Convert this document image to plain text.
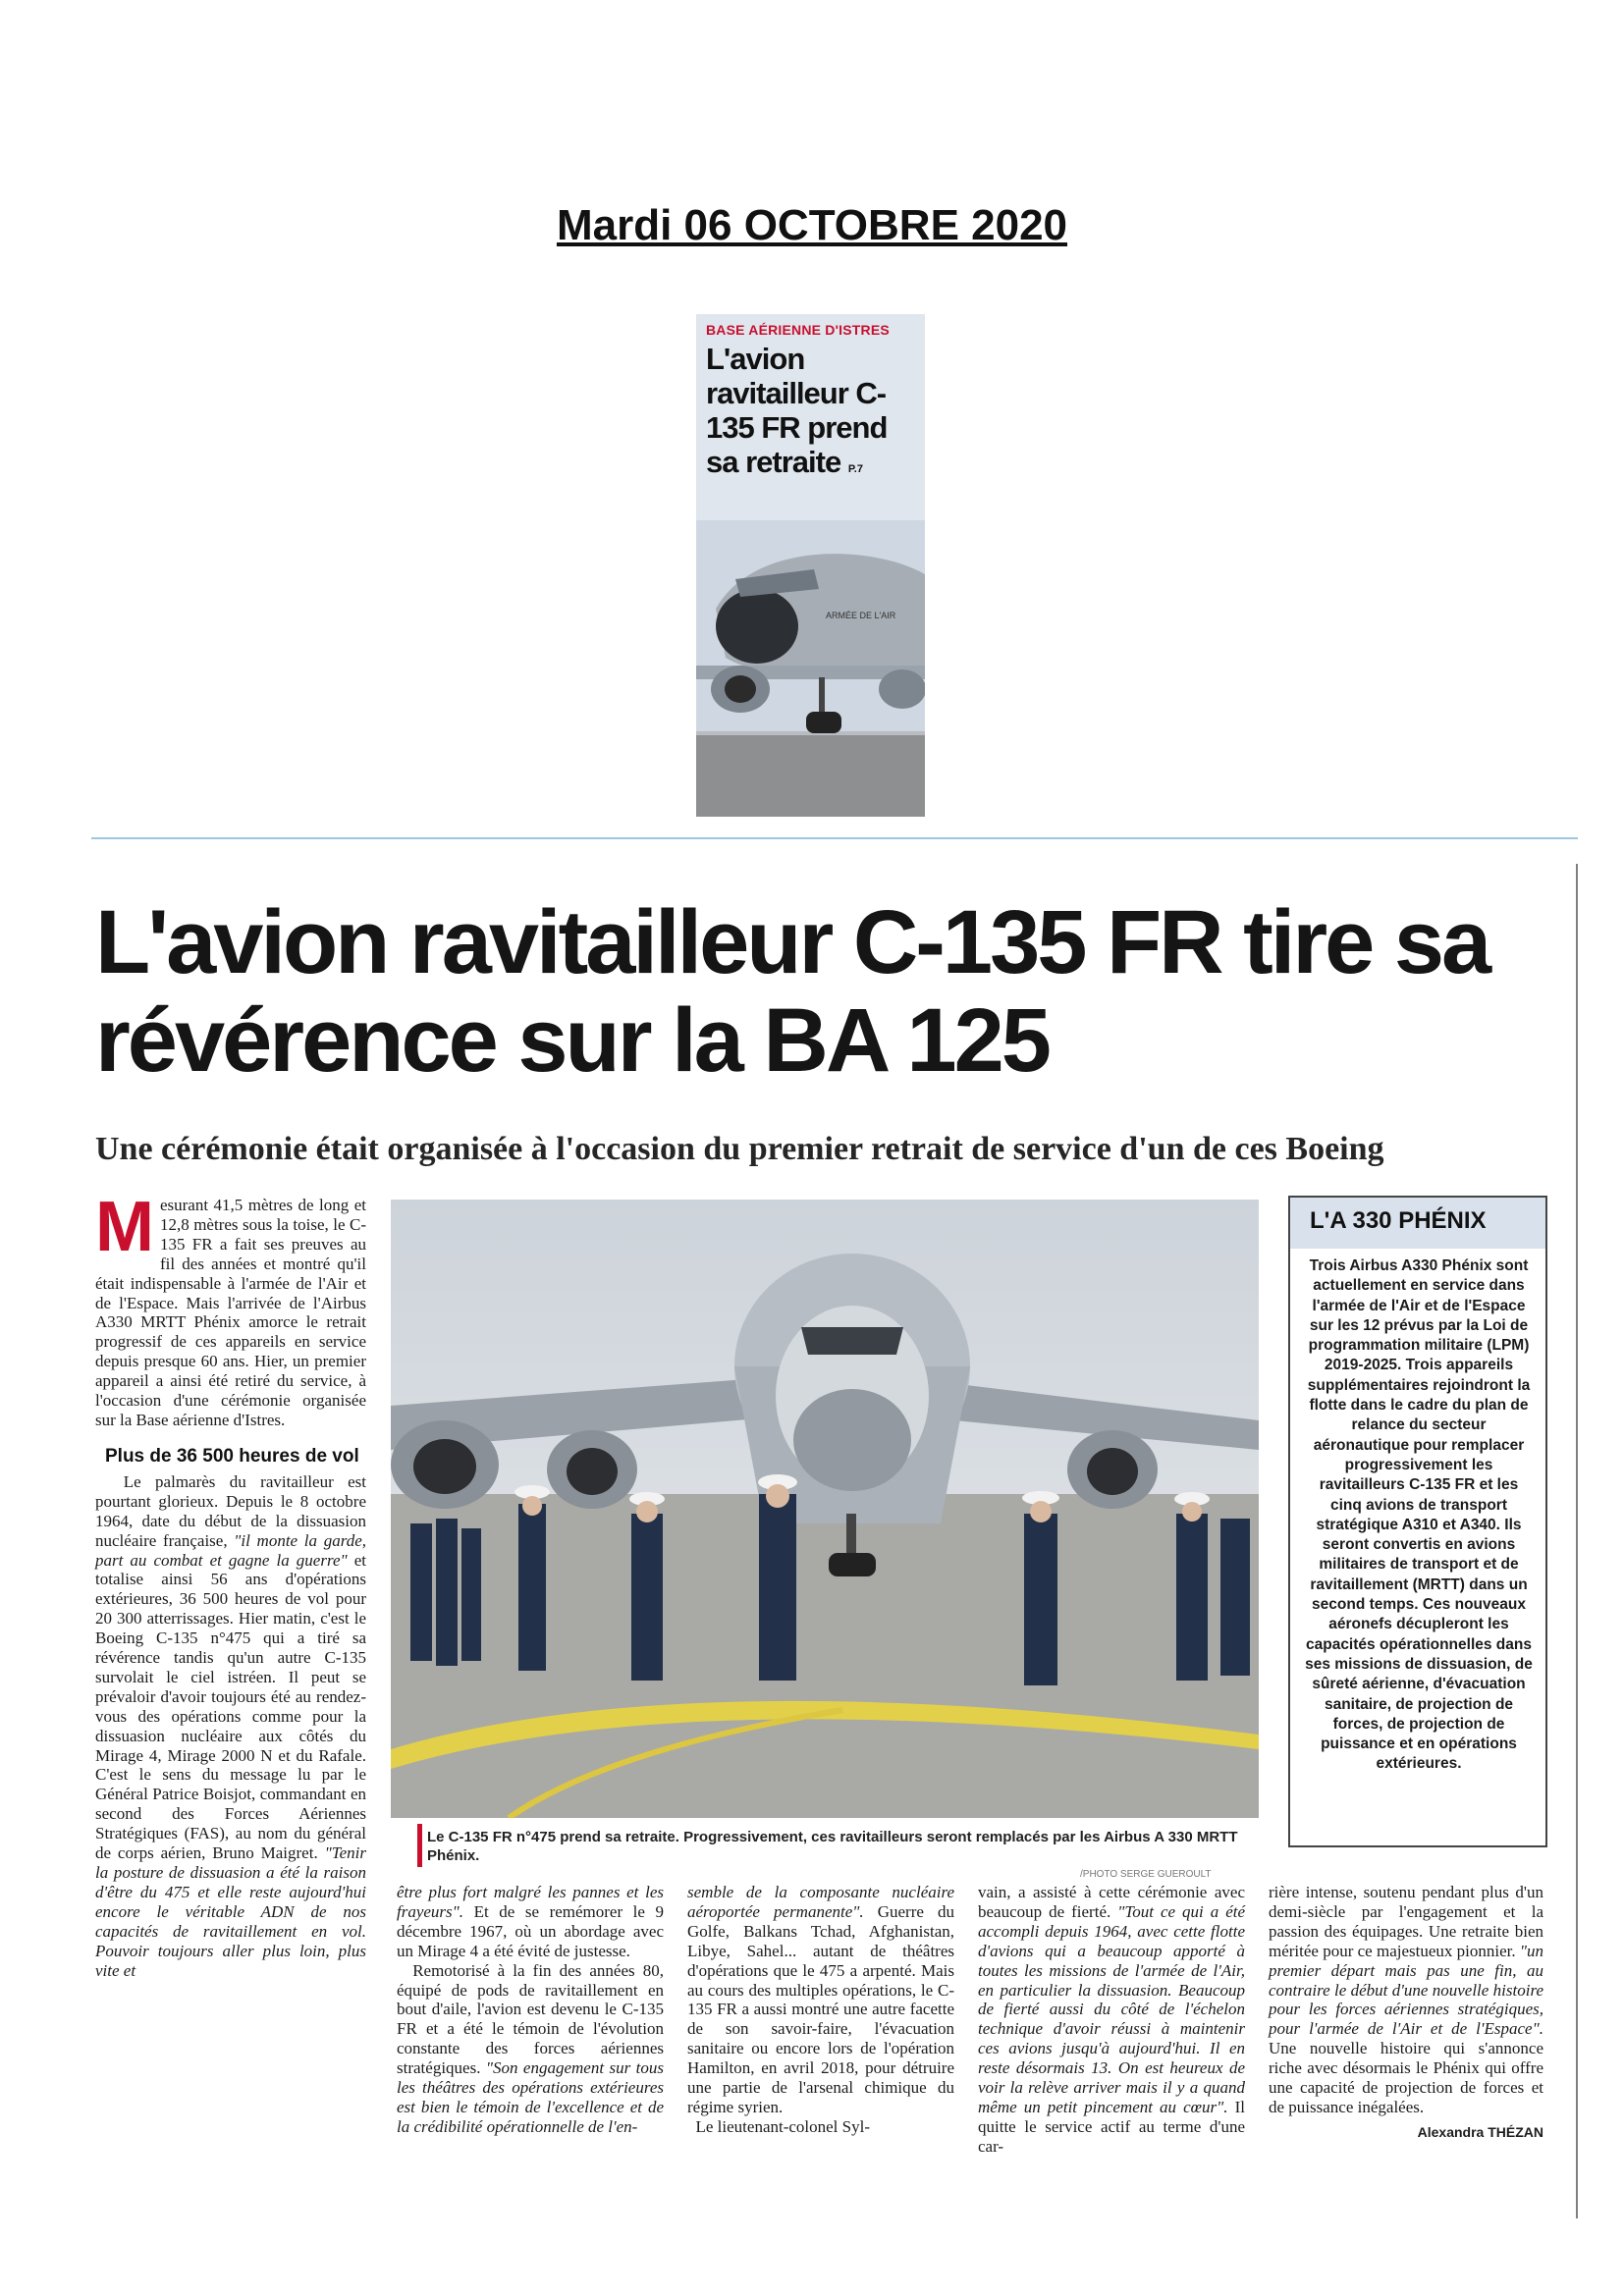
Mardi 06 OCTOBRE 2020
BASE AÉRIENNE D'ISTRES
L'avion ravitailleur C-135 FR prend sa retraite P.7
ARMÉE DE L'AIR
L'avion ravitailleur C-135 FR tire sa révérence sur la BA 125
Une cérémonie était organisée à l'occasion du premier retrait de service d'un de ces Boeing

Mesurant 41,5 mètres de long et 12,8 mètres sous la toise, le C-135 FR a fait ses preuves au fil des années et montré qu'il était indispensable à l'armée de l'Air et de l'Espace. Mais l'arrivée de l'Airbus A330 MRTT Phénix amorce le retrait progressif de ces appareils en service depuis presque 60 ans. Hier, un premier appareil a ainsi été retiré du service, à l'occasion d'une cérémonie organisée sur la Base aérienne d'Istres.

Plus de 36 500 heures de vol

Le palmarès du ravitailleur est pourtant glorieux. Depuis le 8 octobre 1964, date du début de la dissuasion nucléaire française, "il monte la garde, part au combat et gagne la guerre" et totalise ainsi 56 ans d'opérations extérieures, 36 500 heures de vol pour 20 300 atterrissages. Hier matin, c'est le Boeing C-135 n°475 qui a tiré sa révérence tandis qu'un autre C-135 survolait le ciel istréen. Il peut se prévaloir d'avoir toujours été au rendez-vous des opérations comme pour la dissuasion nucléaire aux côtés du Mirage 4, Mirage 2000 N et du Rafale. C'est le sens du message lu par le Général Patrice Boisjot, commandant en second des Forces Aériennes Stratégiques (FAS), au nom du général de corps aérien, Bruno Maigret. "Tenir la posture de dissuasion a été la raison d'être du 475 et elle reste aujourd'hui encore le véritable ADN de nos capacités de ravitaillement en vol. Pouvoir toujours aller plus loin, plus vite et

Le C-135 FR n°475 prend sa retraite. Progressivement, ces ravitailleurs seront remplacés par les Airbus A 330 MRTT Phénix.
/PHOTO SERGE GUEROULT
L'A 330 PHÉNIX
Trois Airbus A330 Phénix sont actuellement en service dans l'armée de l'Air et de l'Espace sur les 12 prévus par la Loi de programmation militaire (LPM) 2019-2025. Trois appareils supplémentaires rejoindront la flotte dans le cadre du plan de relance du secteur aéronautique pour remplacer progressivement les ravitailleurs C-135 FR et les cinq avions de transport stratégique A310 et A340. Ils seront convertis en avions militaires de transport et de ravitaillement (MRTT) dans un second temps. Ces nouveaux aéronefs décupleront les capacités opérationnelles dans ses missions de dissuasion, de sûreté aérienne, d'évacuation sanitaire, de projection de forces, de projection de puissance et en opérations extérieures.

être plus fort malgré les pannes et les frayeurs". Et de se remémorer le 9 décembre 1967, où un abordage avec un Mirage 4 a été évité de justesse.

Remotorisé à la fin des années 80, équipé de pods de ravitaillement en bout d'aile, l'avion est devenu le C-135 FR et a été le témoin de l'évolution constante des forces aériennes stratégiques. "Son engagement sur tous les théâtres des opérations extérieures est bien le témoin de l'excellence et de la crédibilité opérationnelle de l'en-

semble de la composante nucléaire aéroportée permanente". Guerre du Golfe, Balkans Tchad, Afghanistan, Libye, Sahel... autant de théâtres d'opérations que le 475 a arpenté. Mais au cours des multiples opérations, le C-135 FR a aussi montré une autre facette de son savoir-faire, l'évacuation sanitaire ou encore lors de l'opération Hamilton, en avril 2018, pour détruire une partie de l'arsenal chimique du régime syrien.

Le lieutenant-colonel Syl-

vain, a assisté à cette cérémonie avec beaucoup de fierté. "Tout ce qui a été accompli depuis 1964, avec cette flotte d'avions qui a beaucoup apporté à toutes les missions de l'armée de l'Air, en particulier la dissuasion. Beaucoup de fierté aussi du côté de l'échelon technique d'avoir réussi à maintenir ces avions jusqu'à aujourd'hui. Il en reste désormais 13. On est heureux de voir la relève arriver mais il y a quand même un petit pincement au cœur". Il quitte le service actif au terme d'une car-

rière intense, soutenu pendant plus d'un demi-siècle par l'engagement et la passion des équipages. Une retraite bien méritée pour ce majestueux pionnier. "un premier départ mais pas une fin, au contraire le début d'une nouvelle histoire pour les forces aériennes stratégiques, pour l'armée de l'Air et de l'Espace". Une nouvelle histoire qui s'annonce riche avec désormais le Phénix qui offre une capacité de projection de forces et de puissance inégalées.

Alexandra THÉZAN
